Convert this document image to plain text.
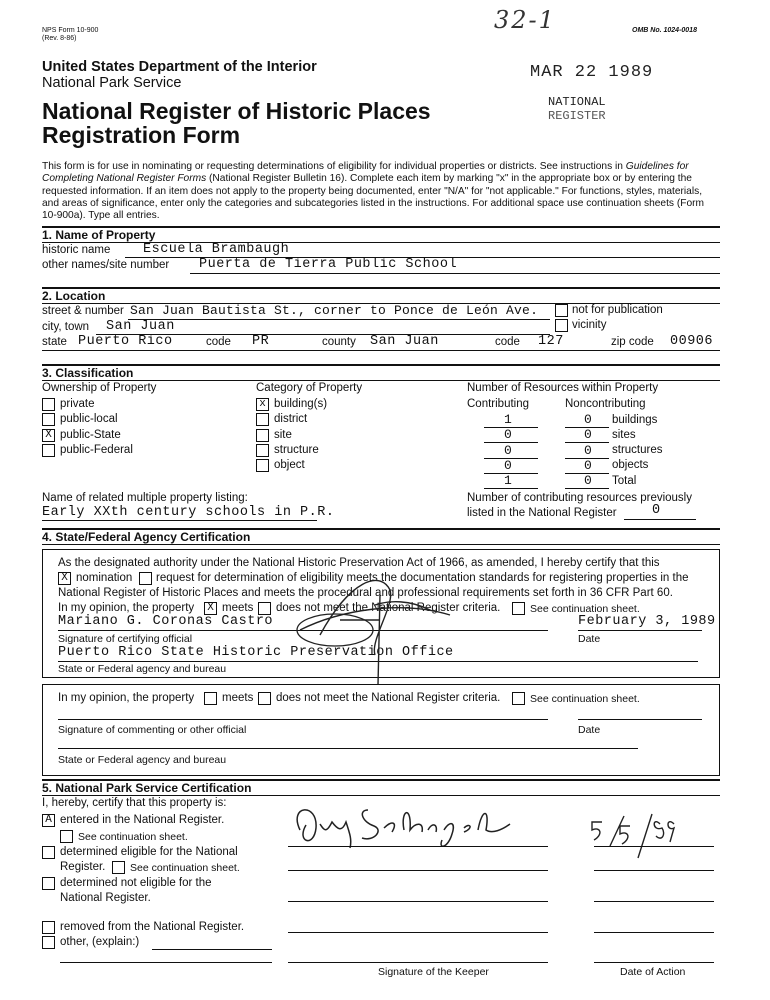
NPS Form 10-900
(Rev. 8-86)
OMB No. 1024-0018
32-1
United States Department of the Interior
National Park Service
National Register of Historic Places
Registration Form
MAR 22 1989
NATIONAL
REGISTER
This form is for use in nominating or requesting determinations of eligibility for individual properties or districts. See instructions in Guidelines for Completing National Register Forms (National Register Bulletin 16). Complete each item by marking "x" in the appropriate box or by entering the requested information. If an item does not apply to the property being documented, enter "N/A" for "not applicable." For functions, styles, materials, and areas of significance, enter only the categories and subcategories listed in the instructions. For additional space use continuation sheets (Form 10-900a). Type all entries.
1. Name of Property
historic name Escuela Brambaugh
other names/site number Puerta de Tierra Public School
2. Location
street & number San Juan Bautista St., corner to Ponce de León Ave.	not for publication
city, town San Juan	vicinity
state Puerto Rico	code PR	county San Juan	code 127	zip code 00906
3. Classification
Ownership of Property
private
public-local
X public-State
public-Federal
Category of Property
x building(s)
district
site
structure
object
Number of Resources within Property
Contributing	Noncontributing
1	0 buildings
0	0 sites
0	0 structures
0	0 objects
1	0 Total
Name of related multiple property listing:
Early XXth century schools in P.R.
Number of contributing resources previously
listed in the National Register	0
4. State/Federal Agency Certification
As the designated authority under the National Historic Preservation Act of 1966, as amended, I hereby certify that this
X nomination request for determination of eligibility meets the documentation standards for registering properties in the
National Register of Historic Places and meets the procedural and professional requirements set forth in 36 CFR Part 60.
In my opinion, the property X meets does not meet the National Register criteria.	See continuation sheet.
Mariano G. Coronas Castro	February 3, 1989
Signature of certifying official	Date
Puerto Rico State Historic Preservation Office
State or Federal agency and bureau
In my opinion, the property meets does not meet the National Register criteria.	See continuation sheet.
Signature of commenting or other official	Date
State or Federal agency and bureau
5. National Park Service Certification
I, hereby, certify that this property is:
A entered in the National Register.
See continuation sheet.
determined eligible for the National
Register. See continuation sheet.
determined not eligible for the
National Register.
removed from the National Register.
other, (explain:)
Signature of the Keeper	Date of Action
